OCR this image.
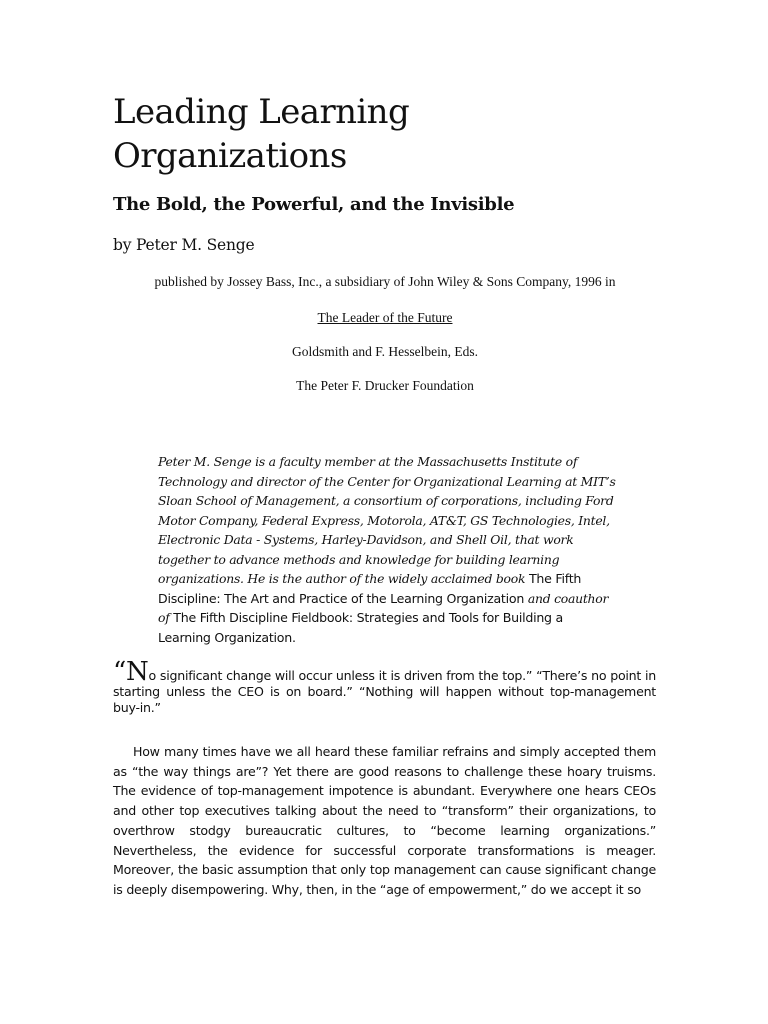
Leading Learning
Organizations
The Bold, the Powerful, and the Invisible

by Peter M. Senge

published by Jossey Bass, Inc., a subsidiary of John Wiley & Sons Company, 1996 in

The Leader of the Future

Goldsmith and F. Hesselbein, Eds.

The Peter F. Drucker Foundation

Peter M. Senge is a faculty member at the Massachusetts Institute of Technology and director of the Center for Organizational Learning at MIT’s Sloan School of Management, a consortium of corporations, including Ford Motor Company, Federal Express, Motorola, AT&T, GS Technologies, Intel, Electronic Data - Systems, Harley-Davidson, and Shell Oil, that work together to advance methods and knowledge for building learning organizations. He is the author of the widely acclaimed book The Fifth Discipline: The Art and Practice of the Learning Organization and coauthor of The Fifth Discipline Fieldbook: Strategies and Tools for Building a Learning Organization.

“No significant change will occur unless it is driven from the top.” “There’s no point in starting unless the CEO is on board.” “Nothing will happen without top-management buy-in.”

How many times have we all heard these familiar refrains and simply accepted them as “the way things are”? Yet there are good reasons to challenge these hoary truisms. The evidence of top-management impotence is abundant. Everywhere one hears CEOs and other top executives talking about the need to “transform” their organizations, to overthrow stodgy bureaucratic cultures, to “become learning organizations.” Nevertheless, the evidence for successful corporate transformations is meager. Moreover, the basic assumption that only top management can cause significant change is deeply disempowering. Why, then, in the “age of empowerment,” do we accept it so
